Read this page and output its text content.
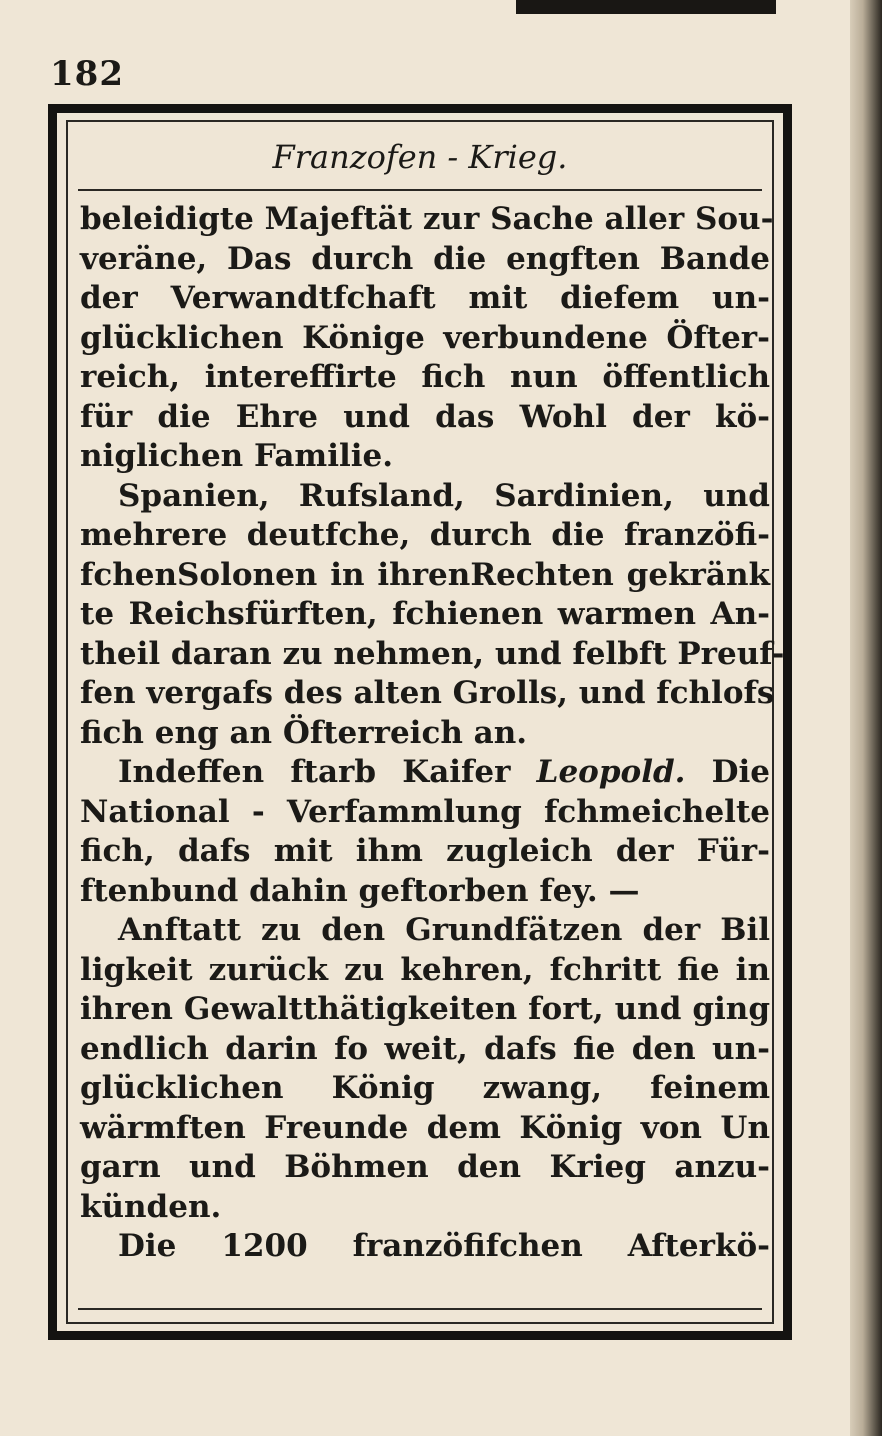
182
Franzofen - Krieg.
beleidigte Majeftät zur Sache aller Sou-
veräne, Das durch die engften Bande
der Verwandtfchaft mit diefem un-
glücklichen Könige verbundene Öfter-
reich, intereffirte fich nun öffentlich
für die Ehre und das Wohl der kö-
niglichen Familie.
Spanien, Rufsland, Sardinien, und
mehrere deutfche, durch die franzöfi-
fchenSolonen in ihrenRechten gekränk
te Reichsfürften, fchienen warmen An-
theil daran zu nehmen, und felbft Preuf-
fen vergafs des alten Grolls, und fchlofs
fich eng an Öfterreich an.
Indeffen ftarb Kaifer Leopold. Die
National - Verfammlung fchmeichelte
fich, dafs mit ihm zugleich der Für-
ftenbund dahin geftorben fey. —
Anftatt zu den Grundfätzen der Bil
ligkeit zurück zu kehren, fchritt fie in
ihren Gewaltthätigkeiten fort, und ging
endlich darin fo weit, dafs fie den un-
glücklichen König zwang, feinem
wärmften Freunde dem König von Un
garn und Böhmen den Krieg anzu-
künden.
Die 1200 franzöfifchen Afterkö-
